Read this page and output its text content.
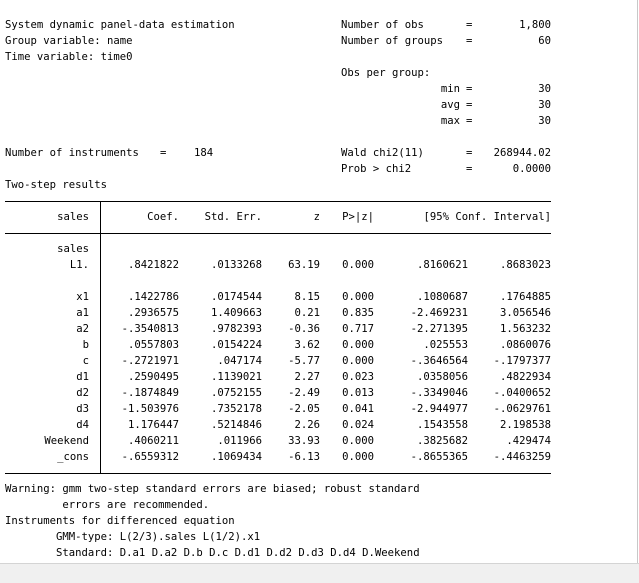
System dynamic panel-data estimation
Group variable: name
Time variable: time0
Number of obs	=	1,800
Number of groups =	60
Obs per group:
min =	30
avg =	30
max =	30
Number of instruments =	184	Wald chi2(11)	=	268944.02
Prob > chi2	=	0.0000
Two-step results
sales	Coef.	Std. Err.	z	P>|z|	[95% Conf. Interval]
sales
L1.	.8421822	.0133268	63.19	0.000	.8160621	.8683023
x1	.1422786	.0174544	8.15	0.000	.1080687	.1764885
a1	.2936575	1.409663	0.21	0.835	-2.469231	3.056546
a2	-.3540813	.9782393	-0.36	0.717	-2.271395	1.563232
b	.0557803	.0154224	3.62	0.000	.025553	.0860076
c	-.2721971	.047174	-5.77	0.000	-.3646564	-.1797377
d1	.2590495	.1139021	2.27	0.023	.0358056	.4822934
d2	-.1874849	.0752155	-2.49	0.013	-.3349046	-.0400652
d3	-1.503976	.7352178	-2.05	0.041	-2.944977	-.0629761
d4	1.176447	.5214846	2.26	0.024	.1543558	2.198538
Weekend	.4060211	.011966	33.93	0.000	.3825682	.429474
_cons	-.6559312	.1069434	-6.13	0.000	-.8655365	-.4463259
Warning: gmm two-step standard errors are biased; robust standard
errors are recommended.
Instruments for differenced equation
GMM-type: L(2/3).sales L(1/2).x1
Standard: D.a1 D.a2 D.b D.c D.d1 D.d2 D.d3 D.d4 D.Weekend
